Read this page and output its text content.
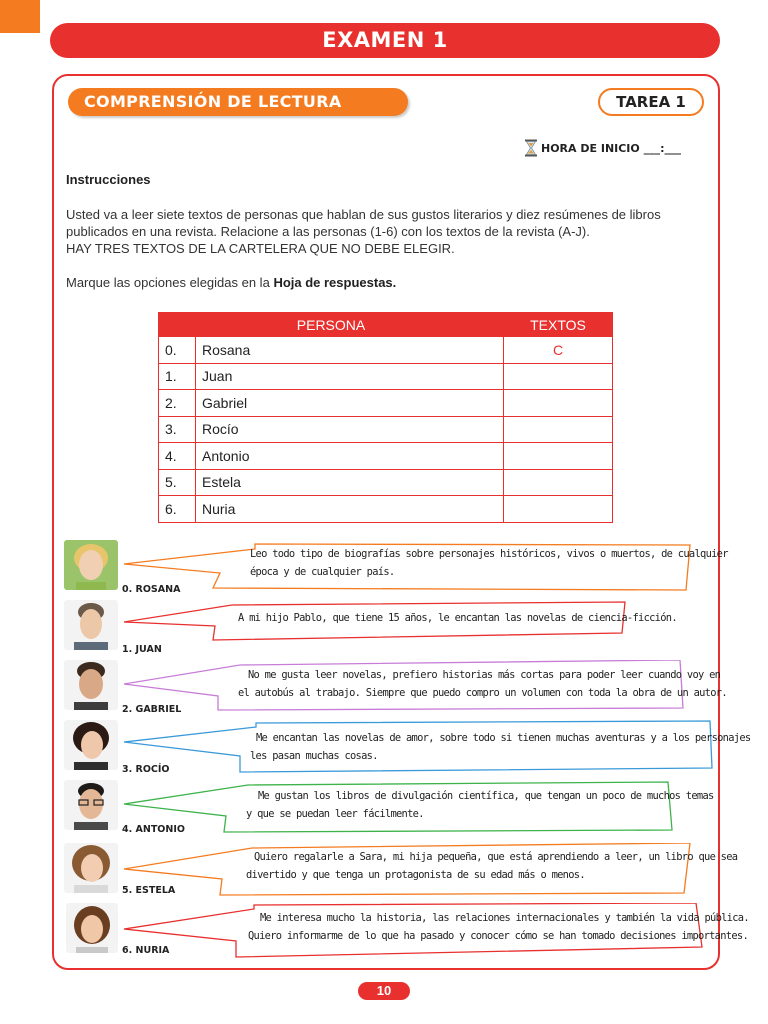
EXAMEN 1
COMPRENSIÓN DE LECTURA	TAREA 1
HORA DE INICIO ___:___
Instrucciones

Usted va a leer siete textos de personas que hablan de sus gustos literarios y diez resúmenes de libros

publicados en una revista. Relacione a las personas (1-6) con los textos de la revista (A-J).

HAY TRES TEXTOS DE LA CARTELERA QUE NO DEBE ELEGIR.

Marque las opciones elegidas en la Hoja de respuestas.
PERSONA		TEXTOS
0.	Rosana	C
1.	Juan	
2.	Gabriel	
3.	Rocío	
4.	Antonio	
5.	Estela	
6.	Nuria	
0. ROSANA
Leo todo tipo de biografías sobre personajes históricos, vivos o muertos, de cualquier
época y de cualquier país.
1. JUAN
A mi hijo Pablo, que tiene 15 años, le encantan las novelas de ciencia-ficción.
2. GABRIEL
No me gusta leer novelas, prefiero historias más cortas para poder leer cuando voy en
el autobús al trabajo. Siempre que puedo compro un volumen con toda la obra de un autor.
3. ROCÍO
Me encantan las novelas de amor, sobre todo si tienen muchas aventuras y a los personajes
les pasan muchas cosas.
4. ANTONIO
Me gustan los libros de divulgación científica, que tengan un poco de muchos temas
y que se puedan leer fácilmente.
5. ESTELA
Quiero regalarle a Sara, mi hija pequeña, que está aprendiendo a leer, un libro que sea
divertido y que tenga un protagonista de su edad más o menos.
6. NURIA
Me interesa mucho la historia, las relaciones internacionales y también la vida pública.
Quiero informarme de lo que ha pasado y conocer cómo se han tomado decisiones importantes.
10
